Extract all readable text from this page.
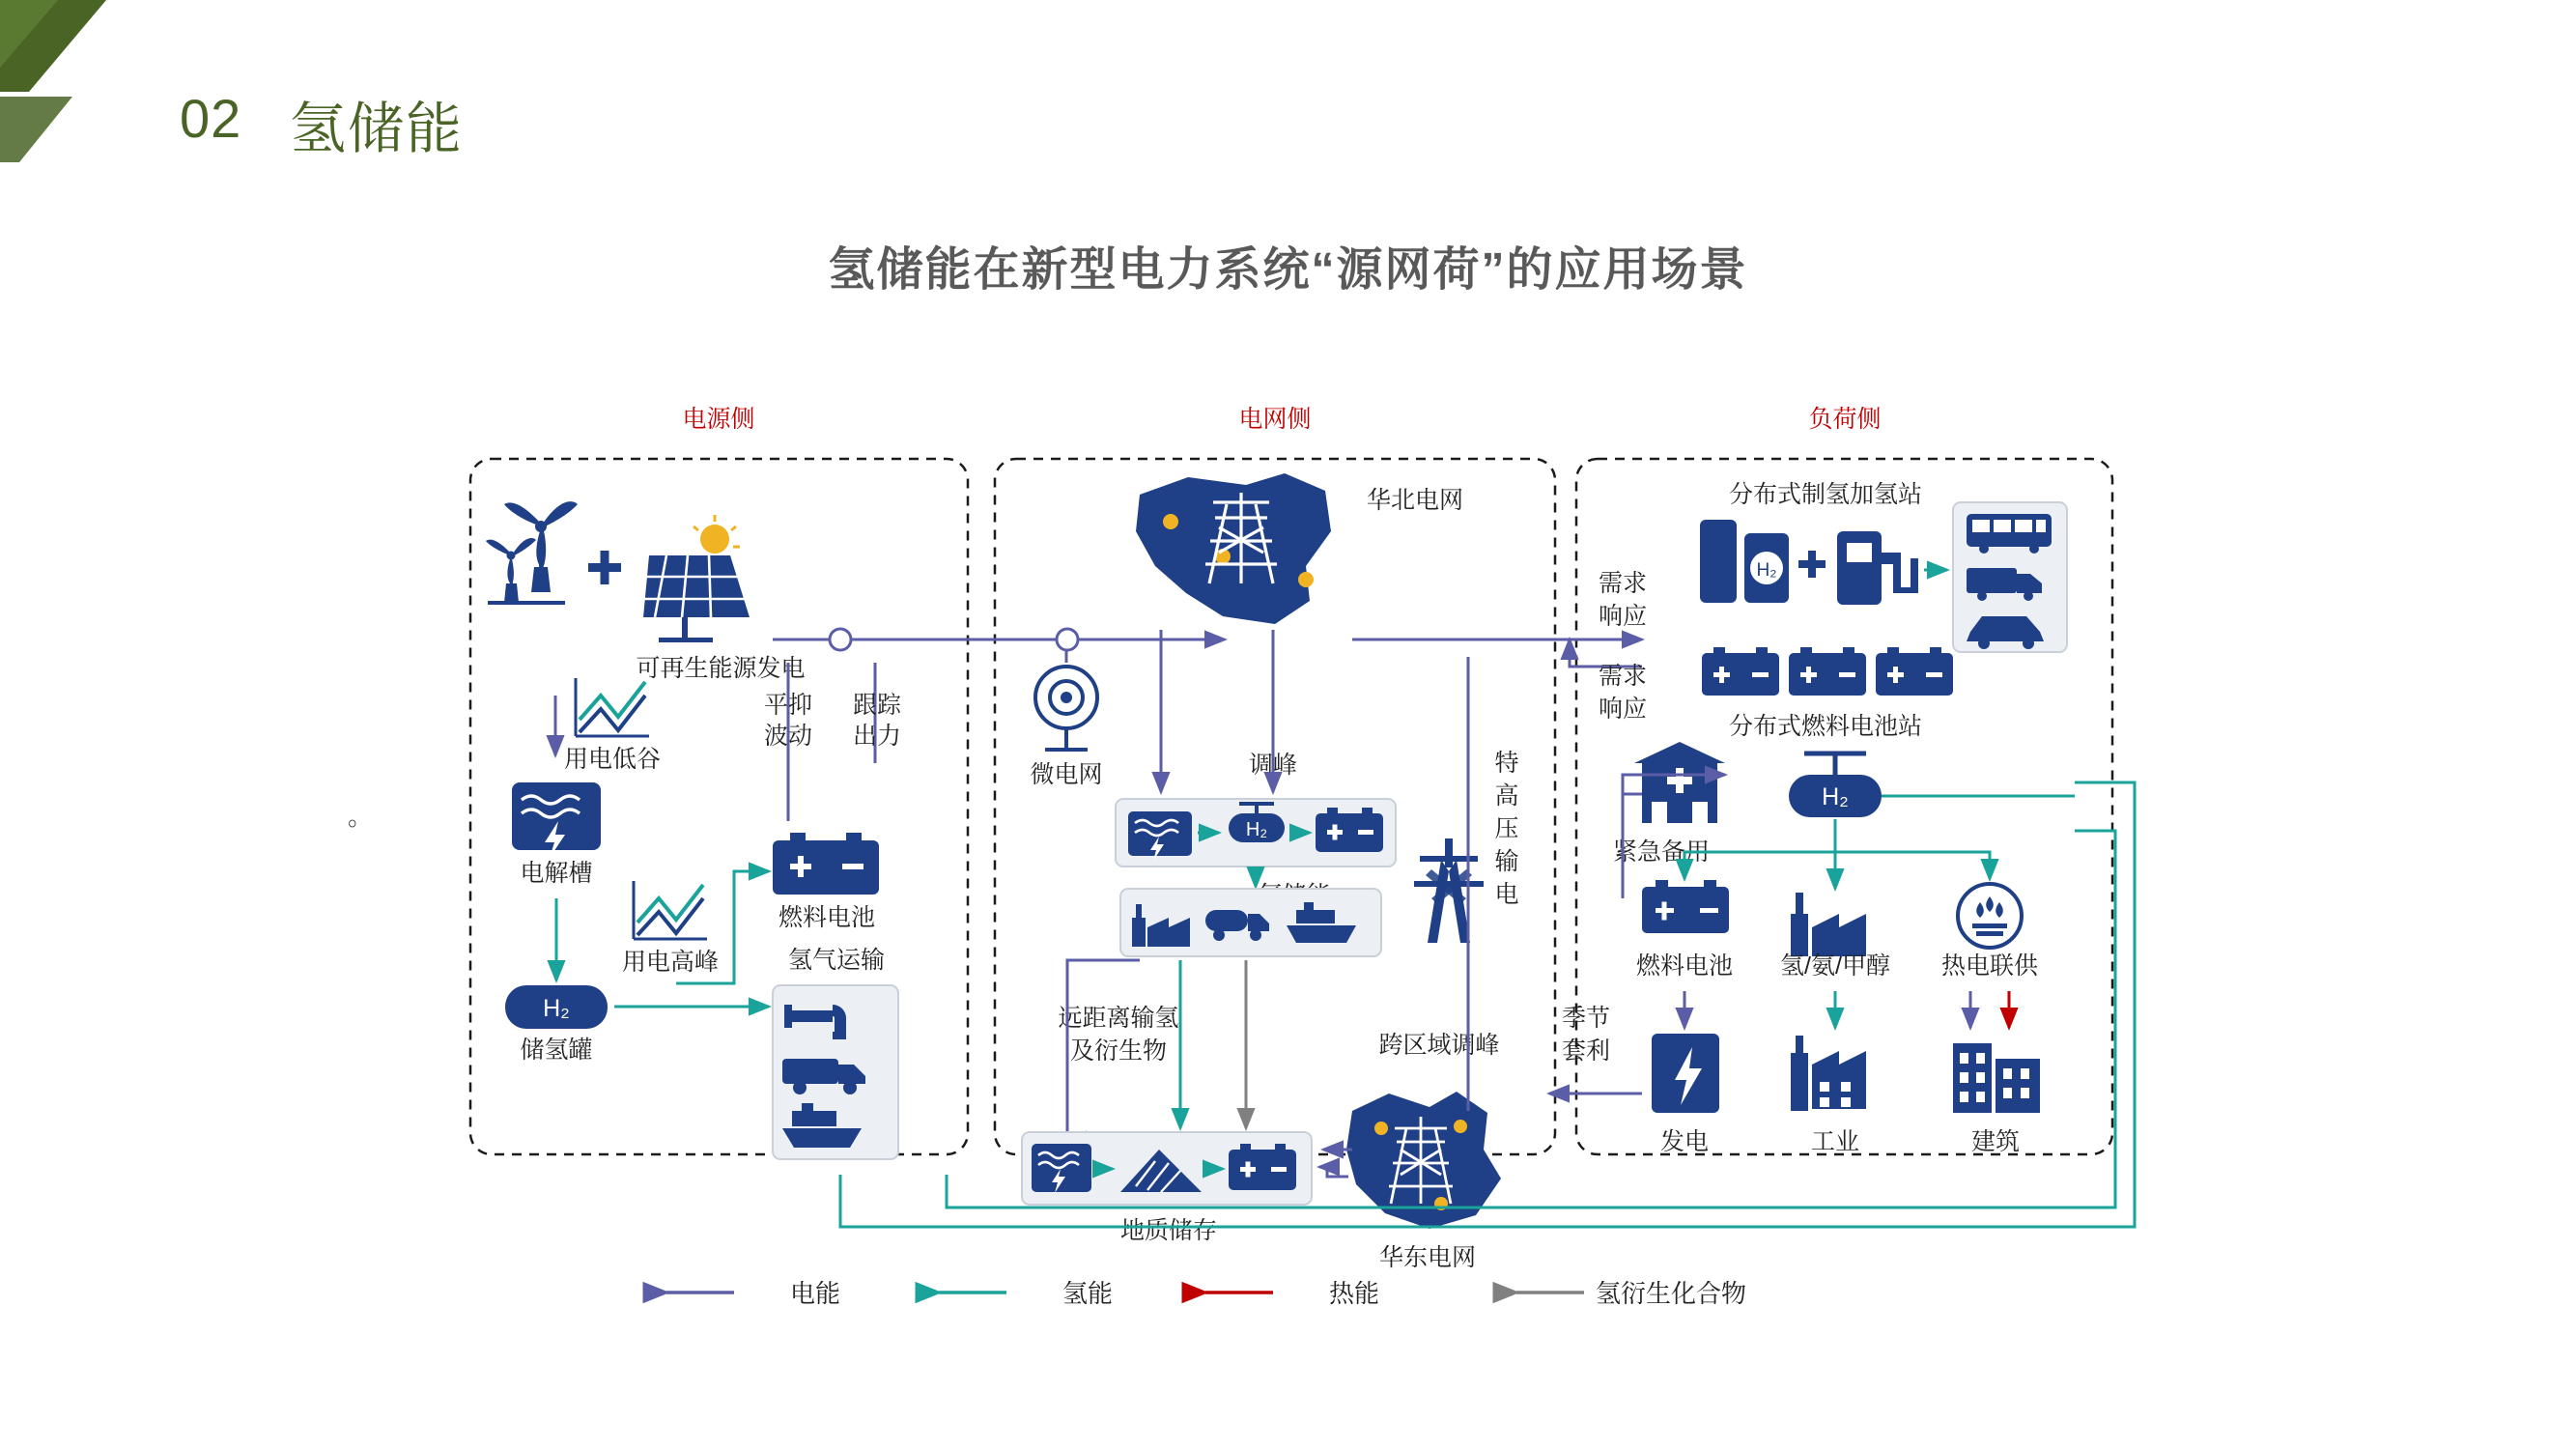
02 氢储能
氢储能在新型电力系统“源网荷”的应用场景
。
电源侧	电网侧	负荷侧
可再生能源发电
用电低谷
电解槽
H₂
储氢罐
用电高峰
燃料电池
氢气运输
平抑
波动
跟踪
出力
华北电网
微电网	调峰
H₂
远距离输氢
及衍生物
地质储存
华东电网
跨区域调峰
特
高
压
输
电
需求
响应
需求
响应
分布式制氢加氢站
H₂
分布式燃料电池站
紧急备用
H₂
燃料电池 氢/氨/甲醇 热电联供
发电	工业	建筑
季节
套利
电能	氢能	热能	氢衍生化合物
